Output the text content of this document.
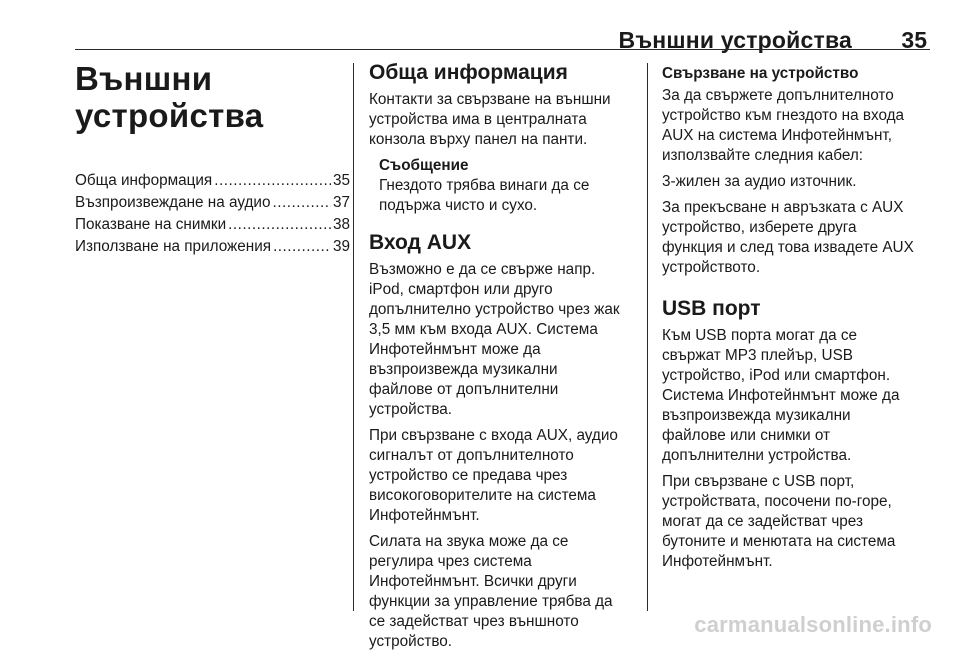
Външни устройства 35
Външни
устройства
Обща информация .....	35
Възпроизвеждане на аудио .....	37
Показване на снимки .....	38
Използване на приложения .....	39
Обща информация

Контакти за свързване на външни
устройства има в централната
конзола върху панел на панти.

Съобщение
Гнездото трябва винаги да се
подържа чисто и сухо.
Вход AUX

Възможно е да се свърже напр.
iPod, смартфон или друго
допълнително устройство чрез жак
3,5 мм към входа AUX. Система
Инфотейнмънт може да
възпроизвежда музикални
файлове от допълнителни
устройства.

При свързване с входа AUX, аудио
сигналът от допълнителното
устройство се предава чрез
високоговорителите на система
Инфотейнмънт.

Силата на звука може да се
регулира чрез система
Инфотейнмънт. Всички други
функции за управление трябва да
се задействат чрез външното
устройство.

Свързване на устройство

За да свържете допълнителното
устройство към гнездото на входа
AUX на система Инфотейнмънт,
използвайте следния кабел:

3-жилен за аудио източник.

За прекъсване н авръзката с AUX
устройство, изберете друга
функция и след това извадете AUX
устройството.

USB порт

Към USB порта могат да се
свържат MP3 плейър, USB
устройство, iPod или смартфон.
Система Инфотейнмънт може да
възпроизвежда музикални
файлове или снимки от
допълнителни устройства.

При свързване с USB порт,
устройствата, посочени по-горе,
могат да се задействат чрез
бутоните и менютата на система
Инфотейнмънт.

carmanualsonline.info
